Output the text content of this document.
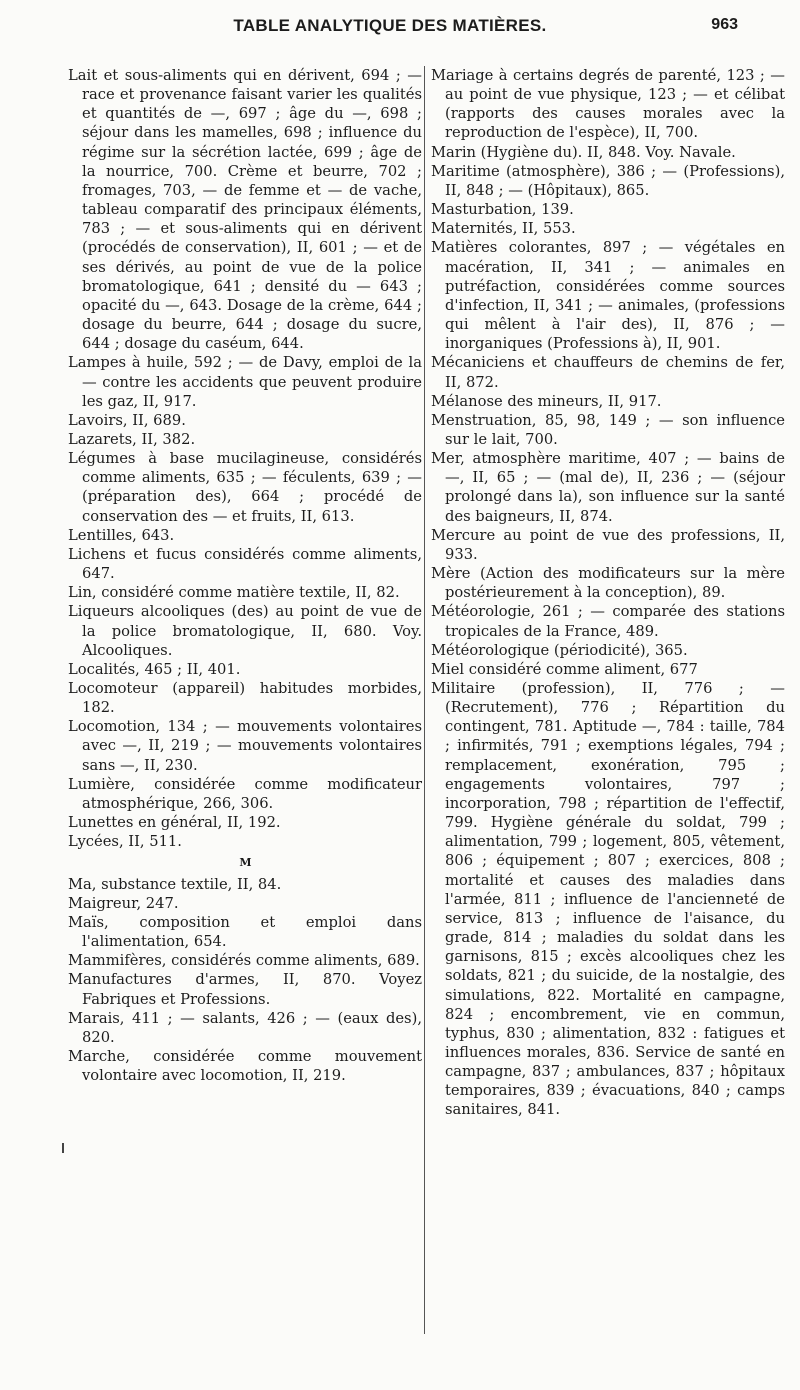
TABLE ANALYTIQUE DES MATIÈRES.	963
Lait et sous-aliments qui en dérivent, 694 ; — race et provenance faisant varier les qualités et quantités de —, 697 ; âge du —, 698 ; séjour dans les mamelles, 698 ; influence du régime sur la sécrétion lactée, 699 ; âge de la nourrice, 700. Crème et beurre, 702 ; fromages, 703, — de femme et — de vache, tableau comparatif des principaux éléments, 783 ; — et sous-aliments qui en dérivent (procédés de conservation), II, 601 ; — et de ses dérivés, au point de vue de la police bromatologique, 641 ; densité du — 643 ; opacité du —, 643. Dosage de la crème, 644 ; dosage du beurre, 644 ; dosage du sucre, 644 ; dosage du caséum, 644.
Lampes à huile, 592 ; — de Davy, emploi de la — contre les accidents que peuvent produire les gaz, II, 917.
Lavoirs, II, 689.
Lazarets, II, 382.
Légumes à base mucilagineuse, considérés comme aliments, 635 ; — féculents, 639 ; — (préparation des), 664 ; procédé de conservation des — et fruits, II, 613.
Lentilles, 643.
Lichens et fucus considérés comme aliments, 647.
Lin, considéré comme matière textile, II, 82.
Liqueurs alcooliques (des) au point de vue de la police bromatologique, II, 680. Voy. Alcooliques.
Localités, 465 ; II, 401.
Locomoteur (appareil) habitudes morbides, 182.
Locomotion, 134 ; — mouvements volontaires avec —, II, 219 ; — mouvements volontaires sans —, II, 230.
Lumière, considérée comme modificateur atmosphérique, 266, 306.
Lunettes en général, II, 192.
Lycées, II, 511.
M
Ma, substance textile, II, 84.
Maigreur, 247.
Maïs, composition et emploi dans l'alimentation, 654.
Mammifères, considérés comme aliments, 689.
Manufactures d'armes, II, 870. Voyez Fabriques et Professions.
Marais, 411 ; — salants, 426 ; — (eaux des), 820.
Marche, considérée comme mouvement volontaire avec locomotion, II, 219.
Mariage à certains degrés de parenté, 123 ; — au point de vue physique, 123 ; — et célibat (rapports des causes morales avec la reproduction de l'espèce), II, 700.
Marin (Hygiène du). II, 848. Voy. Navale.
Maritime (atmosphère), 386 ; — (Professions), II, 848 ; — (Hôpitaux), 865.
Masturbation, 139.
Maternités, II, 553.
Matières colorantes, 897 ; — végétales en macération, II, 341 ; — animales en putréfaction, considérées comme sources d'infection, II, 341 ; — animales, (professions qui mêlent à l'air des), II, 876 ; — inorganiques (Professions à), II, 901.
Mécaniciens et chauffeurs de chemins de fer, II, 872.
Mélanose des mineurs, II, 917.
Menstruation, 85, 98, 149 ; — son influence sur le lait, 700.
Mer, atmosphère maritime, 407 ; — bains de —, II, 65 ; — (mal de), II, 236 ; — (séjour prolongé dans la), son influence sur la santé des baigneurs, II, 874.
Mercure au point de vue des professions, II, 933.
Mère (Action des modificateurs sur la mère postérieurement à la conception), 89.
Météorologie, 261 ; — comparée des stations tropicales de la France, 489.
Météorologique (périodicité), 365.
Miel considéré comme aliment, 677
Militaire (profession), II, 776 ; — (Recrutement), 776 ; Répartition du contingent, 781. Aptitude —, 784 : taille, 784 ; infirmités, 791 ; exemptions légales, 794 ; remplacement, exonération, 795 ; engagements volontaires, 797 ; incorporation, 798 ; répartition de l'effectif, 799. Hygiène générale du soldat, 799 ; alimentation, 799 ; logement, 805, vêtement, 806 ; équipement ; 807 ; exercices, 808 ; mortalité et causes des maladies dans l'armée, 811 ; influence de l'ancienneté de service, 813 ; influence de l'aisance, du grade, 814 ; maladies du soldat dans les garnisons, 815 ; excès alcooliques chez les soldats, 821 ; du suicide, de la nostalgie, des simulations, 822. Mortalité en campagne, 824 ; encombrement, vie en commun, typhus, 830 ; alimentation, 832 : fatigues et influences morales, 836. Service de santé en campagne, 837 ; ambulances, 837 ; hôpitaux temporaires, 839 ; évacuations, 840 ; camps sanitaires, 841.
